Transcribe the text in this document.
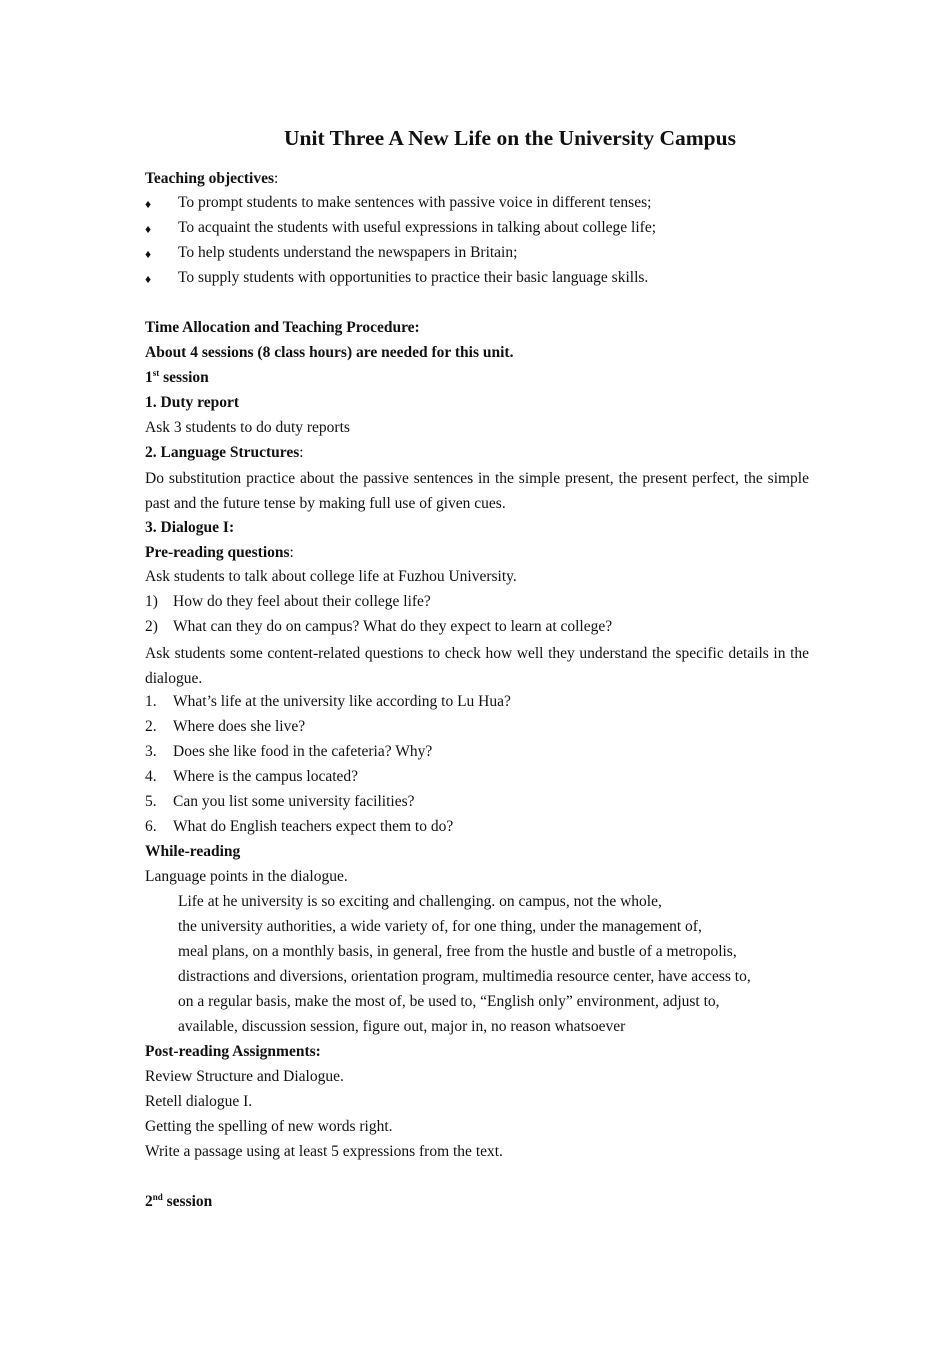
Unit Three A New Life on the University Campus
Teaching objectives:
♦ To prompt students to make sentences with passive voice in different tenses;
♦ To acquaint the students with useful expressions in talking about college life;
♦ To help students understand the newspapers in Britain;
♦ To supply students with opportunities to practice their basic language skills.
Time Allocation and Teaching Procedure:
About 4 sessions (8 class hours) are needed for this unit.
1st session
1. Duty report
Ask 3 students to do duty reports
2. Language Structures:
Do substitution practice about the passive sentences in the simple present, the present perfect, the simple past and the future tense by making full use of given cues.
3. Dialogue I:
Pre-reading questions:
Ask students to talk about college life at Fuzhou University.
1) How do they feel about their college life?
2) What can they do on campus? What do they expect to learn at college?
Ask students some content-related questions to check how well they understand the specific details in the dialogue.
1. What’s life at the university like according to Lu Hua?
2. Where does she live?
3. Does she like food in the cafeteria? Why?
4. Where is the campus located?
5. Can you list some university facilities?
6. What do English teachers expect them to do?
While-reading
Language points in the dialogue.
Life at he university is so exciting and challenging. on campus, not the whole,
the university authorities, a wide variety of, for one thing, under the management of,
meal plans, on a monthly basis, in general, free from the hustle and bustle of a metropolis,
distractions and diversions, orientation program, multimedia resource center, have access to,
on a regular basis, make the most of, be used to, “English only” environment, adjust to,
available, discussion session, figure out, major in, no reason whatsoever
Post-reading Assignments:
Review Structure and Dialogue.
Retell dialogue I.
Getting the spelling of new words right.
Write a passage using at least 5 expressions from the text.
2nd session
